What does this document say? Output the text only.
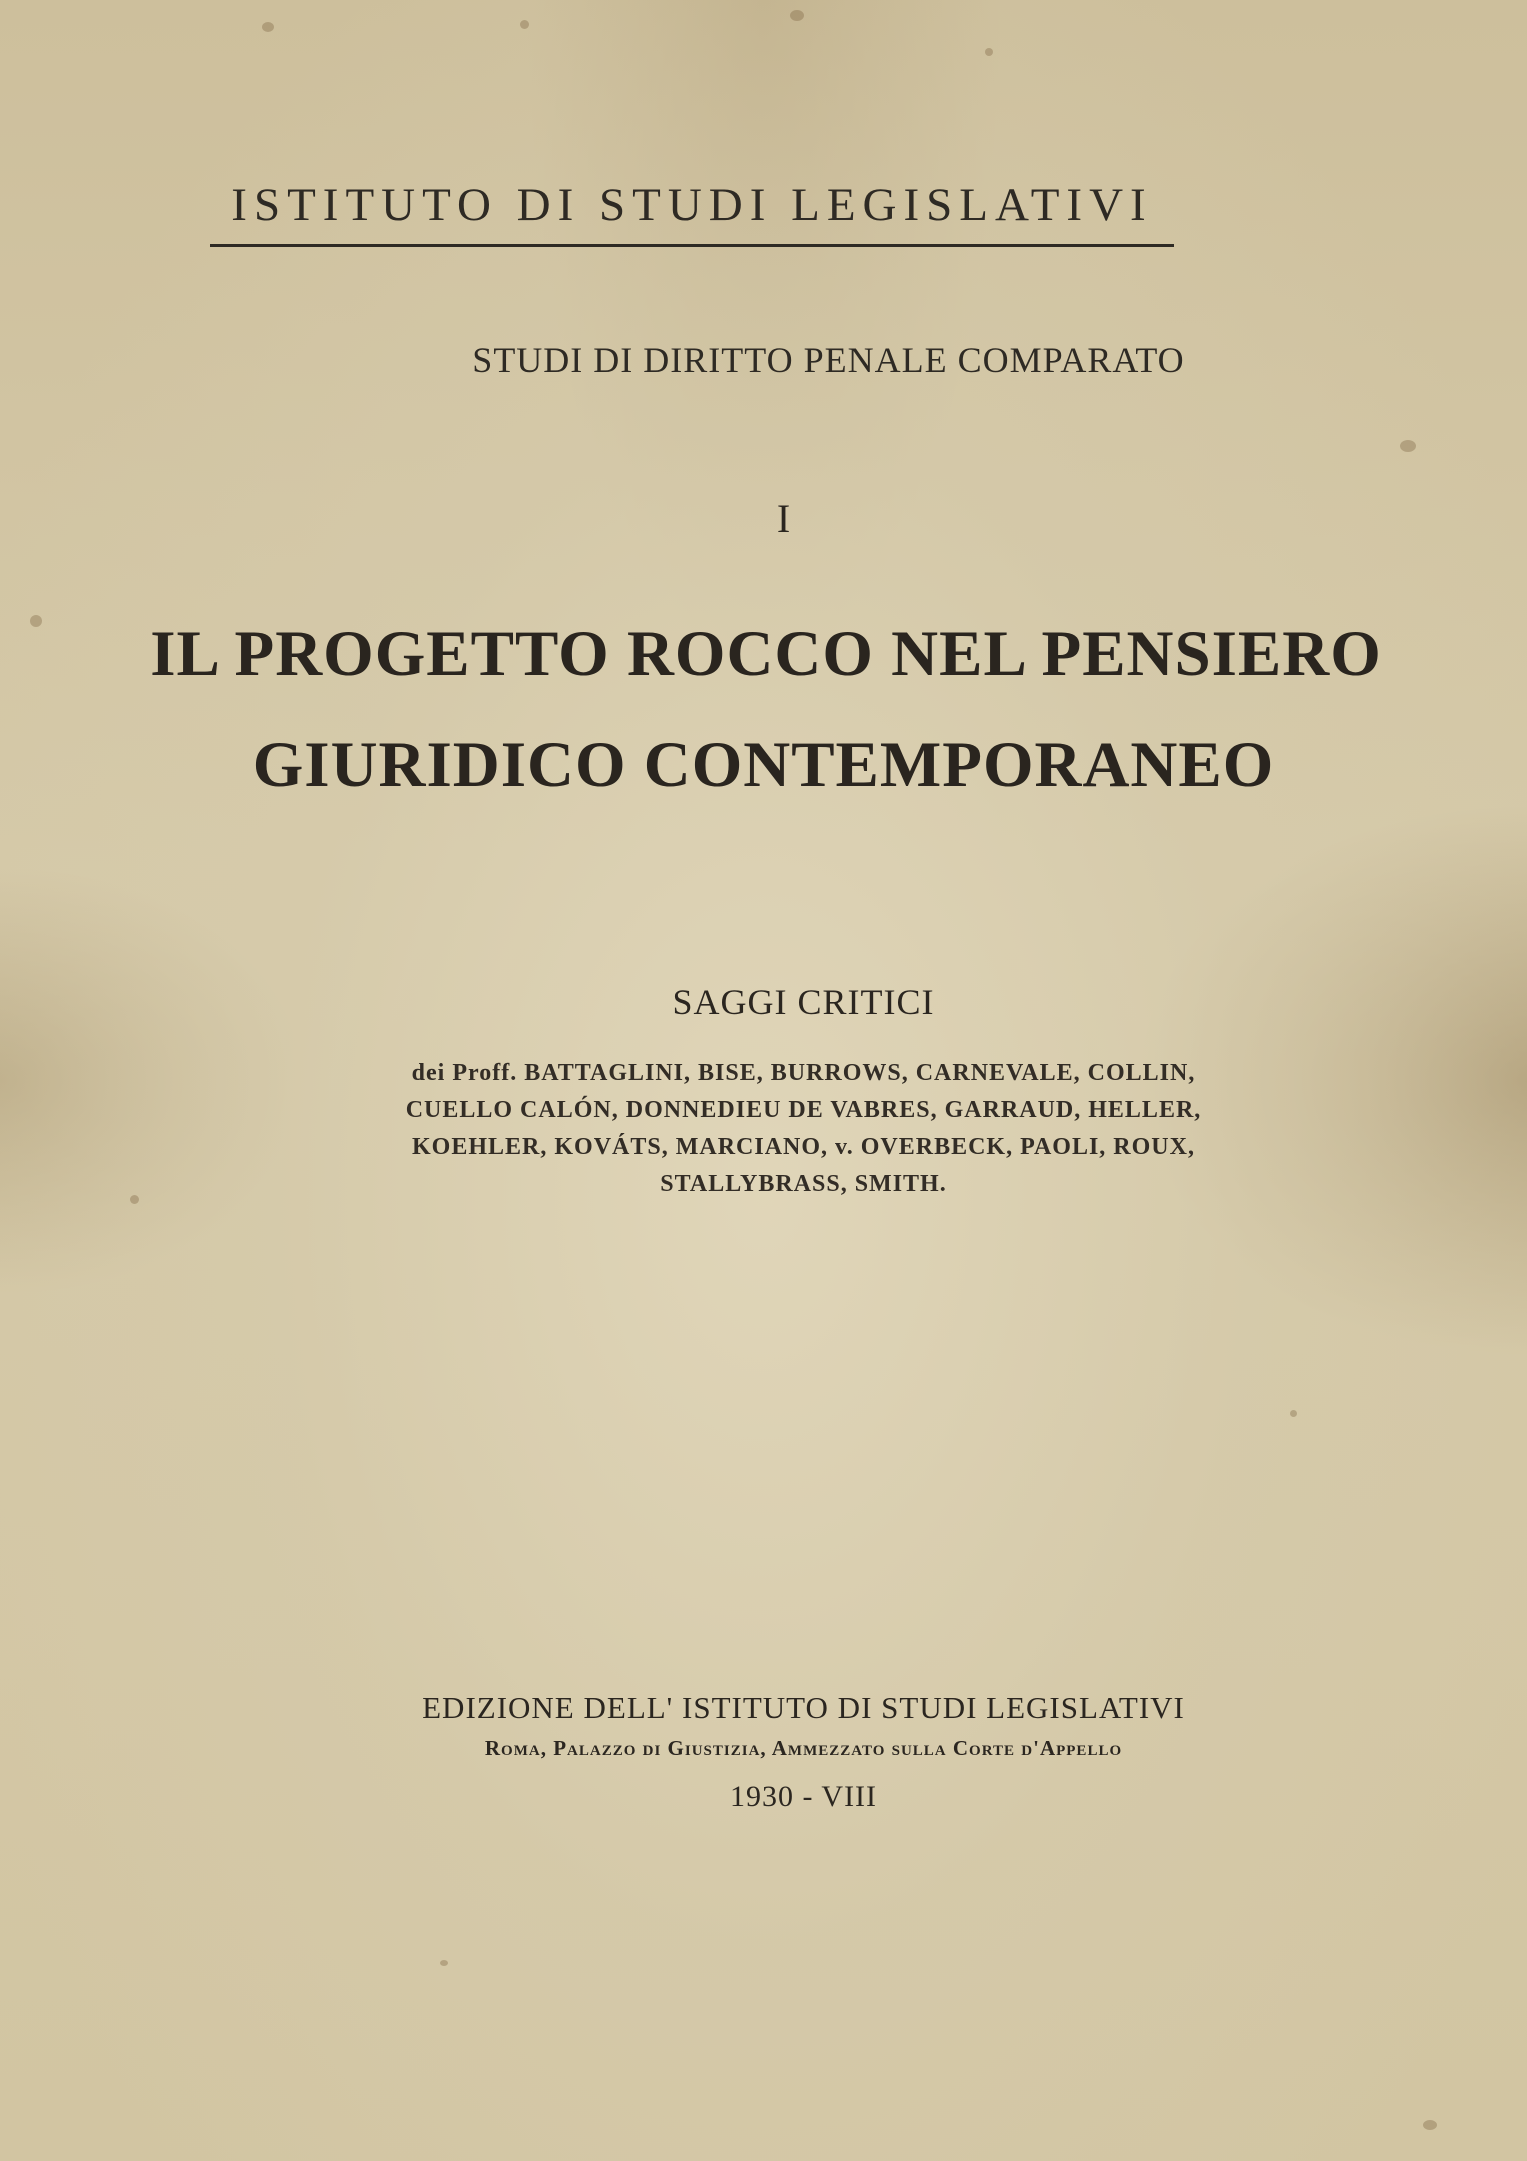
ISTITUTO DI STUDI LEGISLATIVI
STUDI DI DIRITTO PENALE COMPARATO
I
IL PROGETTO ROCCO NEL PENSIERO
GIURIDICO CONTEMPORANEO
SAGGI CRITICI
dei Proff. BATTAGLINI, BISE, BURROWS, CARNEVALE, COLLIN,
CUELLO CALÓN, DONNEDIEU DE VABRES, GARRAUD, HELLER,
KOEHLER, KOVÁTS, MARCIANO, v. OVERBECK, PAOLI, ROUX,
STALLYBRASS, SMITH.
EDIZIONE DELL' ISTITUTO DI STUDI LEGISLATIVI
Roma, Palazzo di Giustizia, Ammezzato sulla Corte d'Appello
1930 - VIII
